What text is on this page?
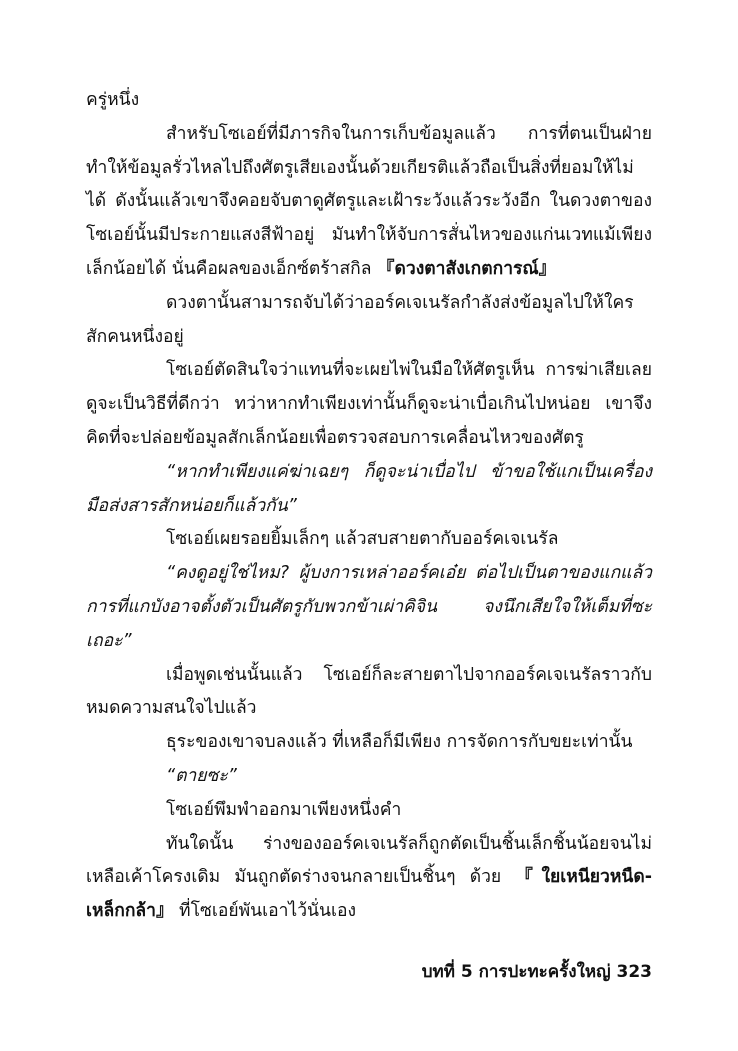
ครู่หนึ่ง

สำหรับโซเอย์ที่มีภารกิจในการเก็บข้อมูลแล้ว การที่ตนเป็นฝ่ายทำให้ข้อมูลรั่วไหลไปถึงศัตรูเสียเองนั้นด้วยเกียรติแล้วถือเป็นสิ่งที่ยอมให้ไม่ได้ ดังนั้นแล้วเขาจึงคอยจับตาดูศัตรูและเฝ้าระวังแล้วระวังอีก ในดวงตาของโซเอย์นั้นมีประกายแสงสีฟ้าอยู่ มันทำให้จับการสั่นไหวของแก่นเวทแม้เพียงเล็กน้อยได้ นั่นคือผลของเอ็กซ์ตร้าสกิล 『ดวงตาสังเกตการณ์』

ดวงตานั้นสามารถจับได้ว่าออร์คเจเนรัลกำลังส่งข้อมูลไปให้ใครสักคนหนึ่งอยู่

โซเอย์ตัดสินใจว่าแทนที่จะเผยไพ่ในมือให้ศัตรูเห็น การฆ่าเสียเลยดูจะเป็นวิธีที่ดีกว่า ทว่าหากทำเพียงเท่านั้นก็ดูจะน่าเบื่อเกินไปหน่อย เขาจึงคิดที่จะปล่อยข้อมูลสักเล็กน้อยเพื่อตรวจสอบการเคลื่อนไหวของศัตรู

“หากทำเพียงแค่ฆ่าเฉยๆ ก็ดูจะน่าเบื่อไป ข้าขอใช้แกเป็นเครื่องมือส่งสารสักหน่อยก็แล้วกัน”

โซเอย์เผยรอยยิ้มเล็กๆ แล้วสบสายตากับออร์คเจเนรัล

“คงดูอยู่ใช่ไหม? ผู้บงการเหล่าออร์คเอ๋ย ต่อไปเป็นตาของแกแล้ว การที่แกบังอาจตั้งตัวเป็นศัตรูกับพวกข้าเผ่าคิจิน จงนึกเสียใจให้เต็มที่ซะเถอะ”

เมื่อพูดเช่นนั้นแล้ว โซเอย์ก็ละสายตาไปจากออร์คเจเนรัลราวกับหมดความสนใจไปแล้ว

ธุระของเขาจบลงแล้ว ที่เหลือก็มีเพียง การจัดการกับขยะเท่านั้น

“ตายซะ”

โซเอย์พึมพำออกมาเพียงหนึ่งคำ

ทันใดนั้น ร่างของออร์คเจเนรัลก็ถูกตัดเป็นชิ้นเล็กชิ้นน้อยจนไม่เหลือเค้าโครงเดิม มันถูกตัดร่างจนกลายเป็นชิ้นๆ ด้วย 『ใยเหนียวหนืด-เหล็กกล้า』 ที่โซเอย์พันเอาไว้นั่นเอง

บทที่ 5 การปะทะครั้งใหญ่ 323
